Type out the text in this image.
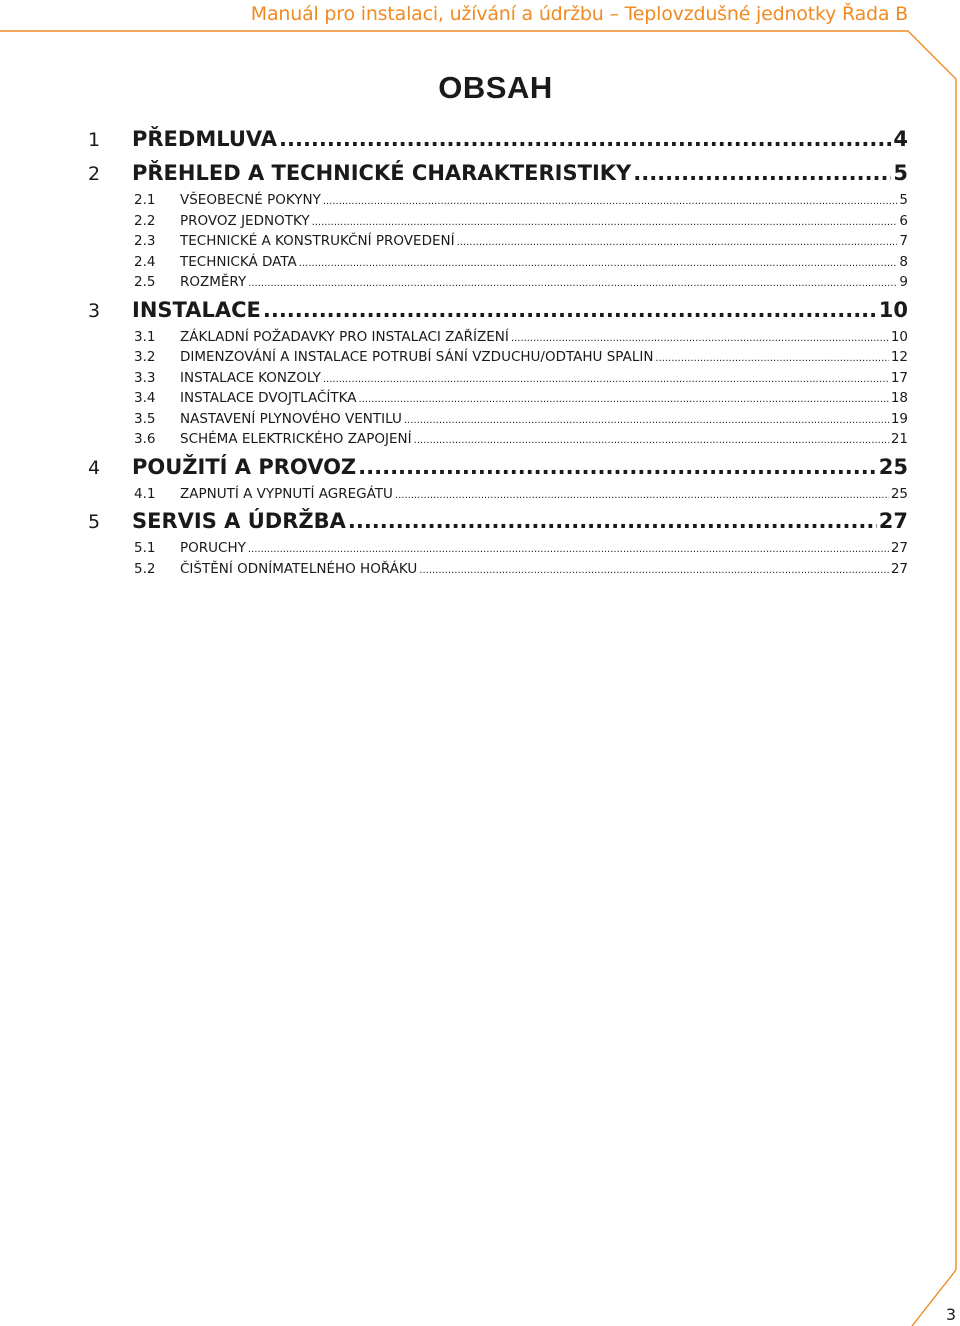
Manuál pro instalaci, užívání a údržbu – Teplovzdušné jednotky Řada B
OBSAH
1	PŘEDMLUVA .....	4
2	PŘEHLED A TECHNICKÉ CHARAKTERISTIKY .....	5
2.1	VŠEOBECNÉ POKYNY .....	5
2.2	PROVOZ JEDNOTKY .....	6
2.3	TECHNICKÉ A KONSTRUKČNÍ PROVEDENÍ .....	7
2.4	TECHNICKÁ DATA .....	8
2.5	ROZMĚRY .....	9
3	INSTALACE .....	10
3.1	ZÁKLADNÍ POŽADAVKY PRO INSTALACI ZAŘÍZENÍ .....	10
3.2	DIMENZOVÁNÍ A INSTALACE POTRUBÍ SÁNÍ VZDUCHU/ODTAHU SPALIN .....	12
3.3	INSTALACE KONZOLY .....	17
3.4	INSTALACE DVOJTLAČÍTKA .....	18
3.5	NASTAVENÍ PLYNOVÉHO VENTILU .....	19
3.6	SCHÉMA ELEKTRICKÉHO ZAPOJENÍ .....	21
4	POUŽITÍ A PROVOZ .....	25
4.1	ZAPNUTÍ A VYPNUTÍ AGREGÁTU .....	25
5	SERVIS A ÚDRŽBA .....	27
5.1	PORUCHY .....	27
5.2	ČIŠTĚNÍ ODNÍMATELNÉHO HOŘÁKU .....	27
3
